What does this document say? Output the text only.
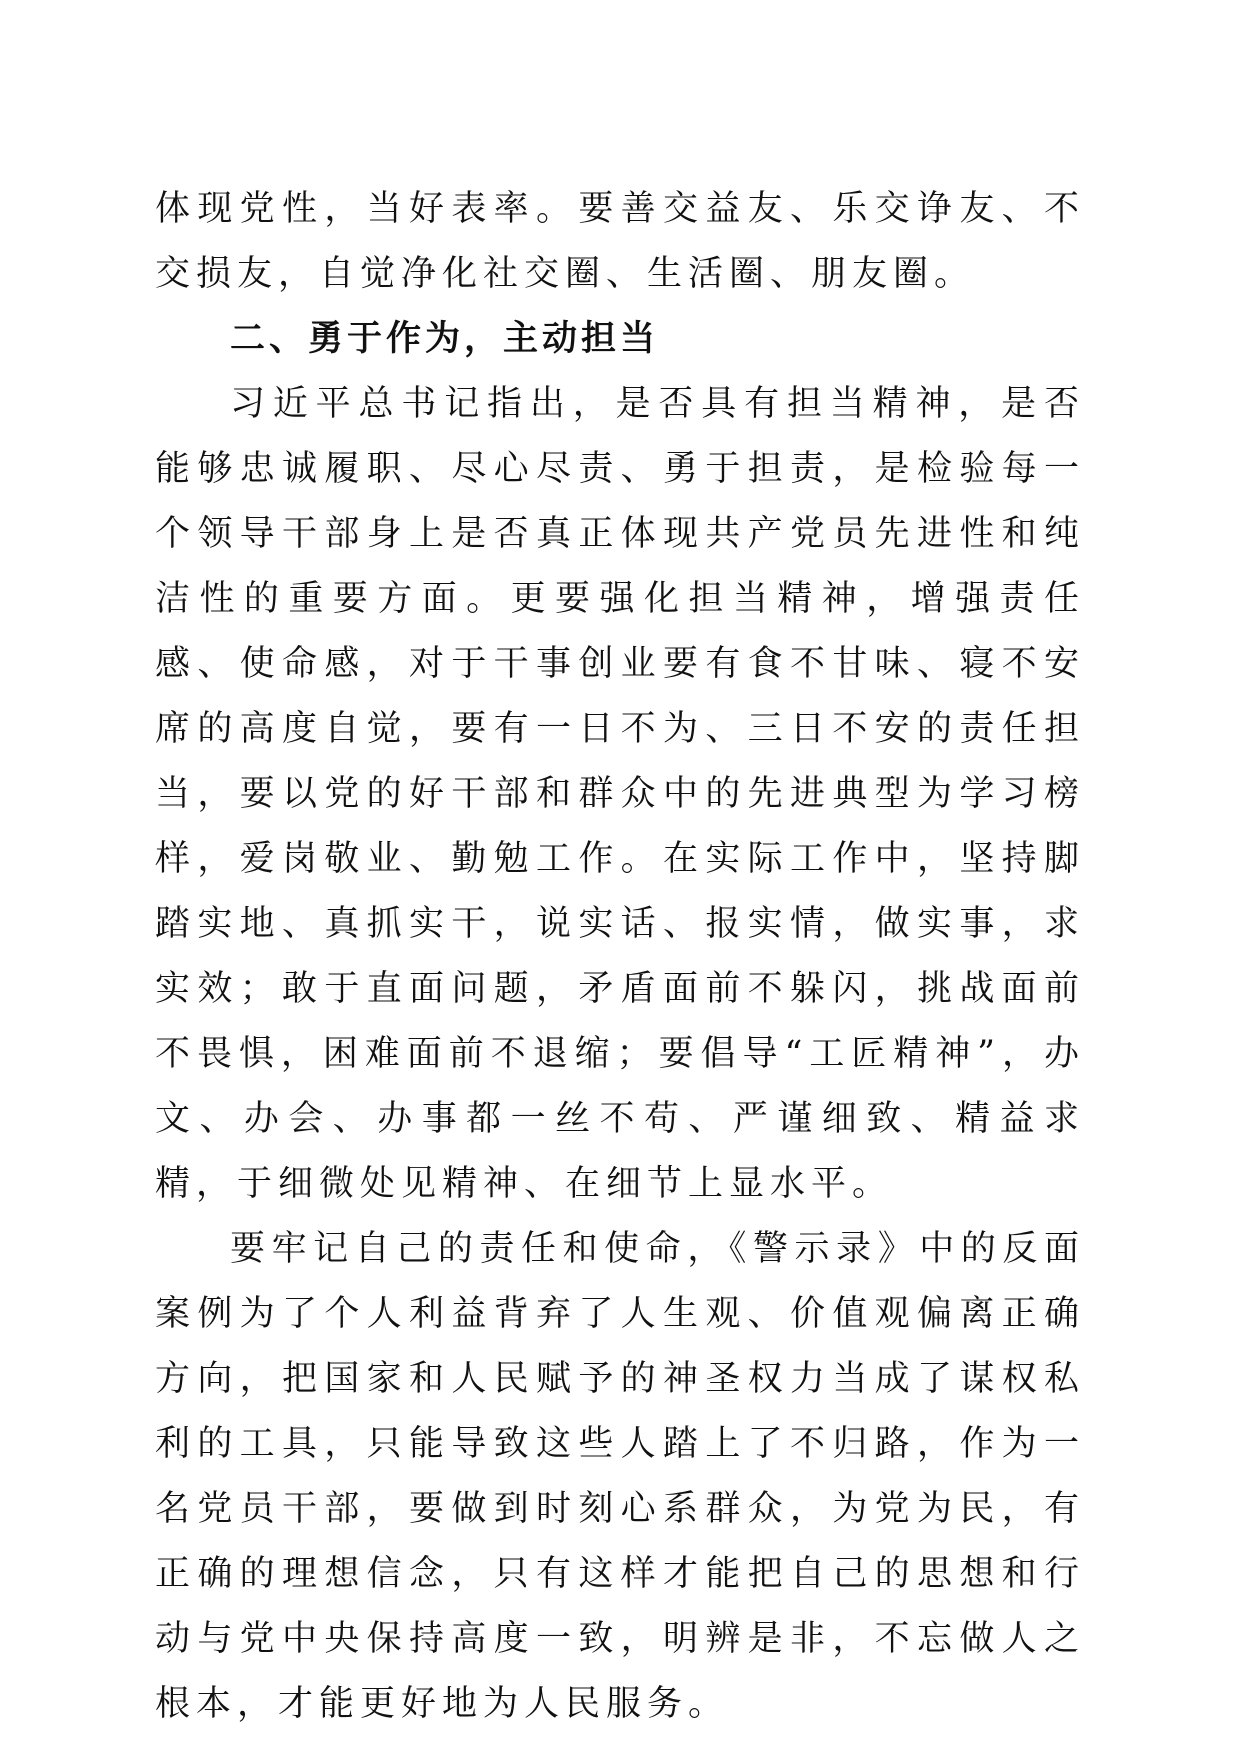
体现党性，当好表率。要善交益友、乐交诤友、不交损友，自觉净化社交圈、生活圈、朋友圈。

二、勇于作为，主动担当

习近平总书记指出，是否具有担当精神，是否能够忠诚履职、尽心尽责、勇于担责，是检验每一个领导干部身上是否真正体现共产党员先进性和纯洁性的重要方面。更要强化担当精神，增强责任感、使命感，对于干事创业要有食不甘味、寝不安席的高度自觉，要有一日不为、三日不安的责任担当，要以党的好干部和群众中的先进典型为学习榜样，爱岗敬业、勤勉工作。在实际工作中，坚持脚踏实地、真抓实干，说实话、报实情，做实事，求实效；敢于直面问题，矛盾面前不躲闪，挑战面前不畏惧，困难面前不退缩；要倡导“工匠精神”，办文、办会、办事都一丝不苟、严谨细致、精益求精，于细微处见精神、在细节上显水平。

要牢记自己的责任和使命，《警示录》中的反面案例为了个人利益背弃了人生观、价值观偏离正确方向，把国家和人民赋予的神圣权力当成了谋权私利的工具，只能导致这些人踏上了不归路，作为一名党员干部，要做到时刻心系群众，为党为民，有正确的理想信念，只有这样才能把自己的思想和行动与党中央保持高度一致，明辨是非，不忘做人之根本，才能更好地为人民服务。
